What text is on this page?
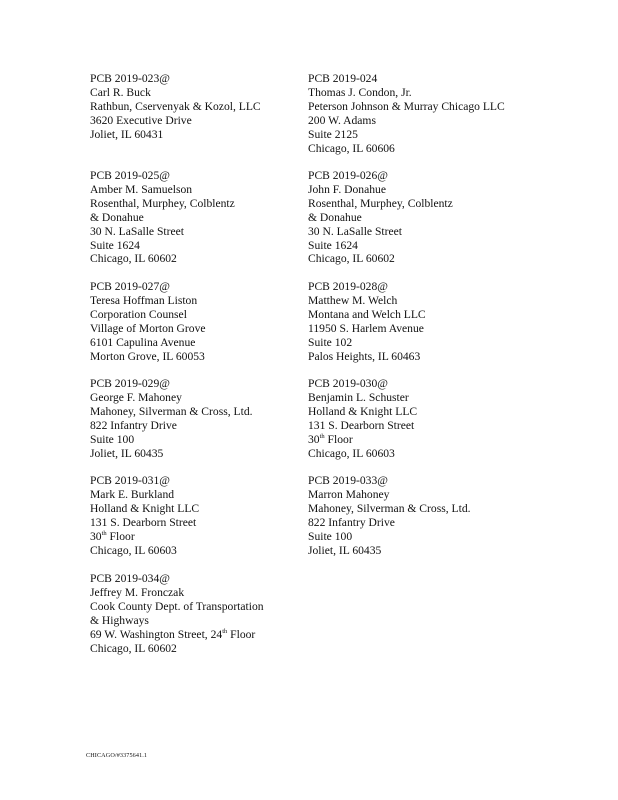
PCB 2019-023@
Carl R. Buck
Rathbun, Cservenyak & Kozol, LLC
3620 Executive Drive
Joliet, IL 60431
PCB 2019-024
Thomas J. Condon, Jr.
Peterson Johnson & Murray Chicago LLC
200 W. Adams
Suite 2125
Chicago, IL 60606
PCB 2019-025@
Amber M. Samuelson
Rosenthal, Murphey, Colblentz
& Donahue
30 N. LaSalle Street
Suite 1624
Chicago, IL 60602
PCB 2019-026@
John F. Donahue
Rosenthal, Murphey, Colblentz
& Donahue
30 N. LaSalle Street
Suite 1624
Chicago, IL 60602
PCB 2019-027@
Teresa Hoffman Liston
Corporation Counsel
Village of Morton Grove
6101 Capulina Avenue
Morton Grove, IL 60053
PCB 2019-028@
Matthew M. Welch
Montana and Welch LLC
11950 S. Harlem Avenue
Suite 102
Palos Heights, IL 60463
PCB 2019-029@
George F. Mahoney
Mahoney, Silverman & Cross, Ltd.
822 Infantry Drive
Suite 100
Joliet, IL 60435
PCB 2019-030@
Benjamin L. Schuster
Holland & Knight LLC
131 S. Dearborn Street
30th Floor
Chicago, IL 60603
PCB 2019-031@
Mark E. Burkland
Holland & Knight LLC
131 S. Dearborn Street
30th Floor
Chicago, IL 60603
PCB 2019-033@
Marron Mahoney
Mahoney, Silverman & Cross, Ltd.
822 Infantry Drive
Suite 100
Joliet, IL 60435
PCB 2019-034@
Jeffrey M. Fronczak
Cook County Dept. of Transportation
& Highways
69 W. Washington Street, 24th Floor
Chicago, IL 60602
CHICAGO/#3375641.1
